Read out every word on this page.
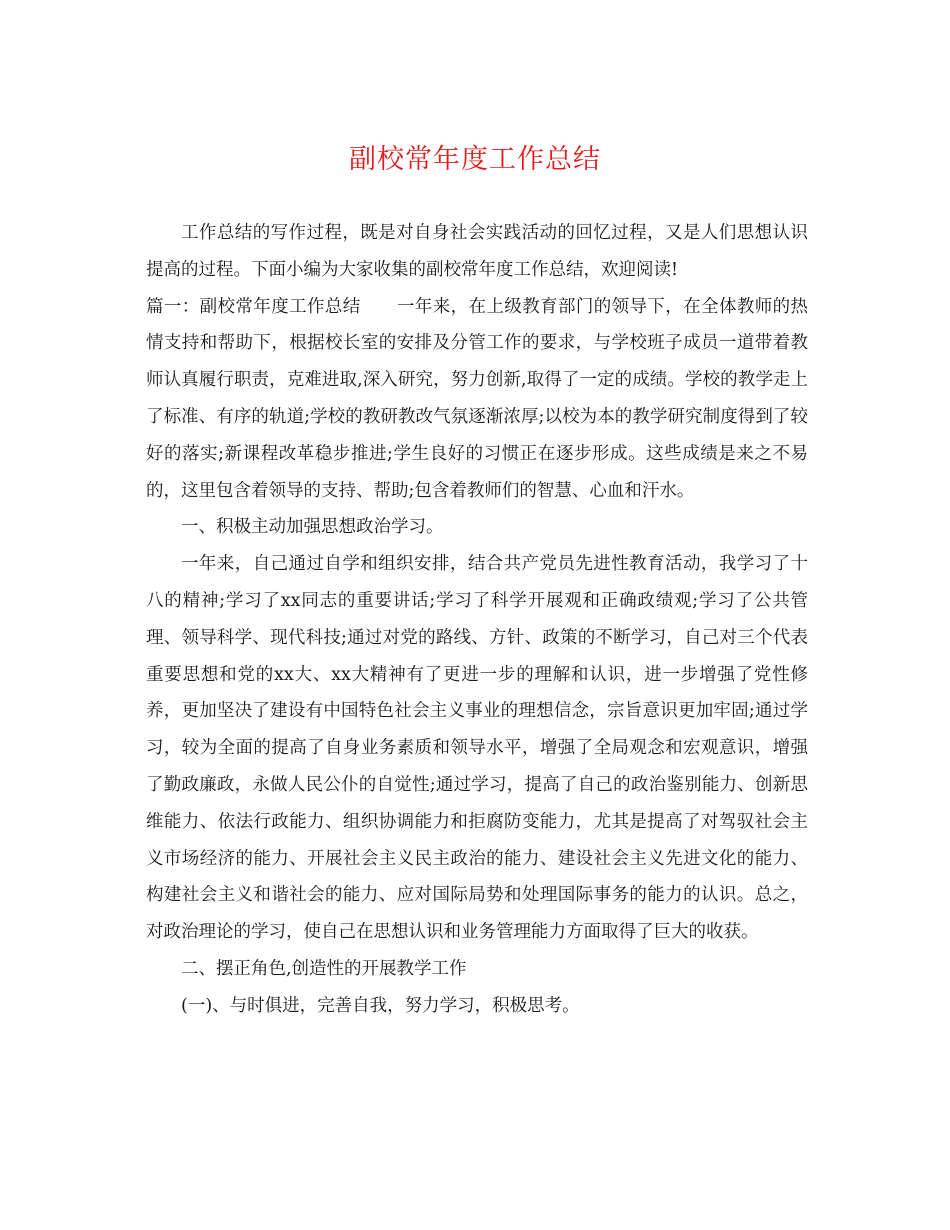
副校常年度工作总结

工作总结的写作过程，既是对自身社会实践活动的回忆过程，又是人们思想认识提高的过程。下面小编为大家收集的副校常年度工作总结，欢迎阅读!

篇一：副校常年度工作总结 一年来，在上级教育部门的领导下，在全体教师的热情支持和帮助下，根据校长室的安排及分管工作的要求，与学校班子成员一道带着教师认真履行职责，克难进取,深入研究，努力创新,取得了一定的成绩。学校的教学走上了标准、有序的轨道;学校的教研教改气氛逐渐浓厚;以校为本的教学研究制度得到了较好的落实;新课程改革稳步推进;学生良好的习惯正在逐步形成。这些成绩是来之不易的，这里包含着领导的支持、帮助;包含着教师们的智慧、心血和汗水。

一、积极主动加强思想政治学习。

一年来，自己通过自学和组织安排，结合共产党员先进性教育活动，我学习了十八的精神;学习了xx同志的重要讲话;学习了科学开展观和正确政绩观;学习了公共管理、领导科学、现代科技;通过对党的路线、方针、政策的不断学习，自己对三个代表重要思想和党的xx大、xx大精神有了更进一步的理解和认识，进一步增强了党性修养，更加坚决了建设有中国特色社会主义事业的理想信念，宗旨意识更加牢固;通过学习，较为全面的提高了自身业务素质和领导水平，增强了全局观念和宏观意识，增强了勤政廉政，永做人民公仆的自觉性;通过学习，提高了自己的政治鉴别能力、创新思维能力、依法行政能力、组织协调能力和拒腐防变能力，尤其是提高了对驾驭社会主义市场经济的能力、开展社会主义民主政治的能力、建设社会主义先进文化的能力、构建社会主义和谐社会的能力、应对国际局势和处理国际事务的能力的认识。总之，对政治理论的学习，使自己在思想认识和业务管理能力方面取得了巨大的收获。

二、摆正角色,创造性的开展教学工作

(一)、与时俱进，完善自我，努力学习，积极思考。
